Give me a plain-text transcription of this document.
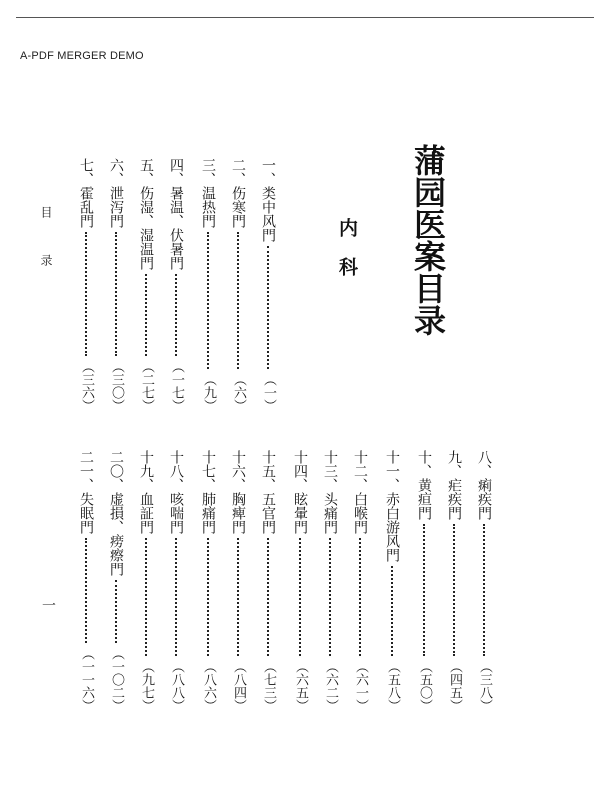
A-PDF MERGER DEMO
蒲园医案目录
内科
目录
一
一、
类中风門
（一）
二、
伤寒門
（六）
三、
温热門
（九）
四、
暑温、伏暑門
（一七）
五、
伤湿、湿温門
（二七）
六、
泄泻門
（三〇）
七、
霍乱門
（三六）
八、
痢疾門
（三八）
九、
疟疾門
（四五）
十、
黄疸門
（五〇）
十一、
赤白游风門
（五八）
十二、
白喉門
（六一）
十三、
头痛門
（六二）
十四、
眩暈門
（六五）
十五、
五官門
（七三）
十六、
胸痺門
（八四）
十七、
肺痛門
（八六）
十八、
咳喘門
（八八）
十九、
血証門
（九七）
二〇、
虚損、痨瘵門
（一〇二）
二一、
失眠門
（一一六）
